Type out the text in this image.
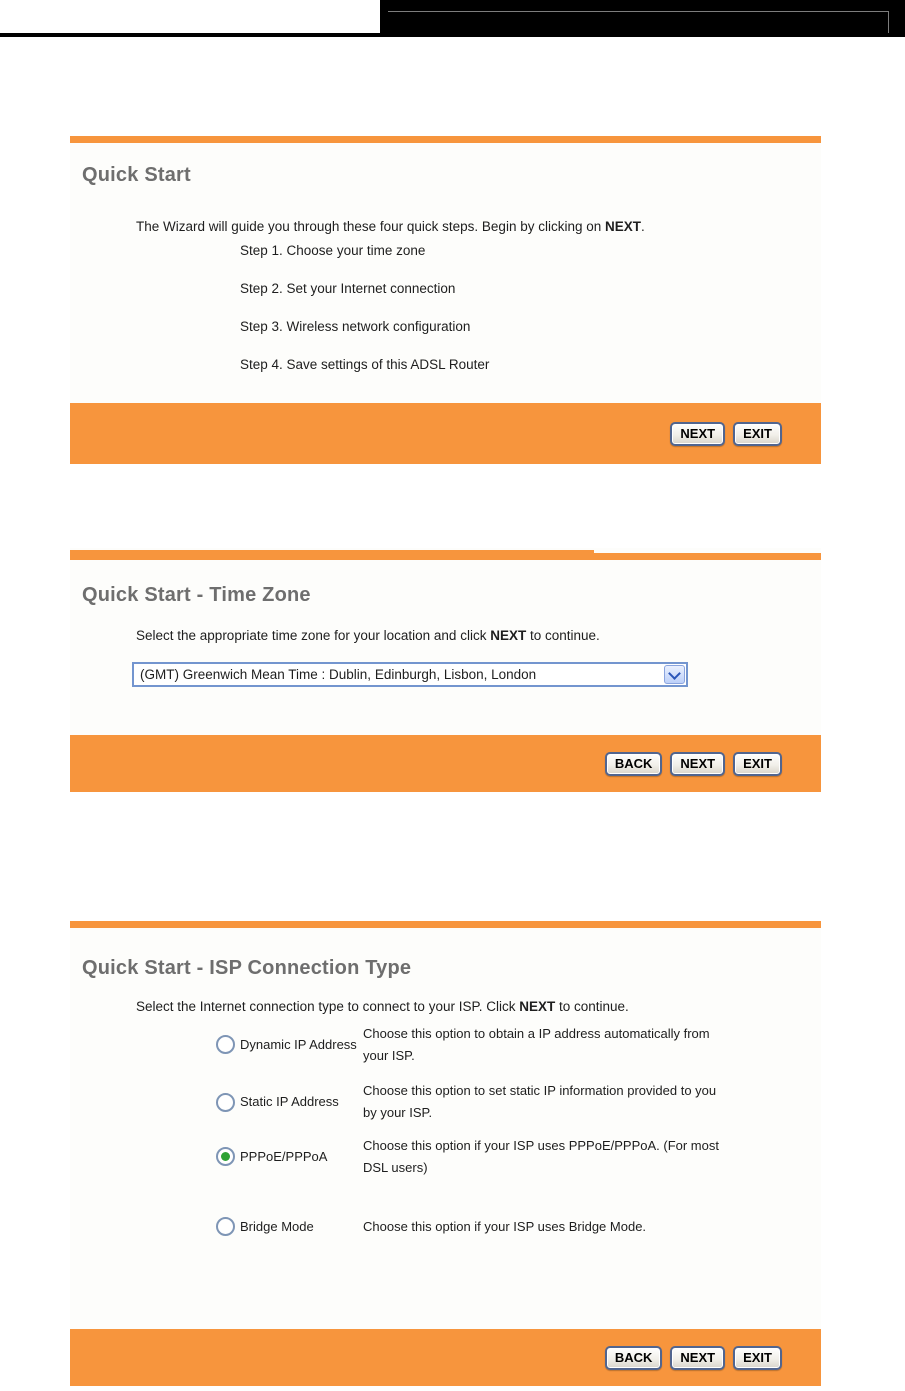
Quick Start

The Wizard will guide you through these four quick steps. Begin by clicking on NEXT.

Step 1. Choose your time zone
Step 2. Set your Internet connection
Step 3. Wireless network configuration
Step 4. Save settings of this ADSL Router
NEXT	EXIT
Quick Start - Time Zone

Select the appropriate time zone for your location and click NEXT to continue.

(GMT) Greenwich Mean Time : Dublin, Edinburgh, Lisbon, London
BACK	NEXT	EXIT
Quick Start - ISP Connection Type

Select the Internet connection type to connect to your ISP. Click NEXT to continue.

Dynamic IP Address
Choose this option to obtain a IP address automatically from
your ISP.
Static IP Address
Choose this option to set static IP information provided to you
by your ISP.
PPPoE/PPPoA
Choose this option if your ISP uses PPPoE/PPPoA. (For most
DSL users)
Bridge Mode	Choose this option if your ISP uses Bridge Mode.
BACK	NEXT	EXIT
